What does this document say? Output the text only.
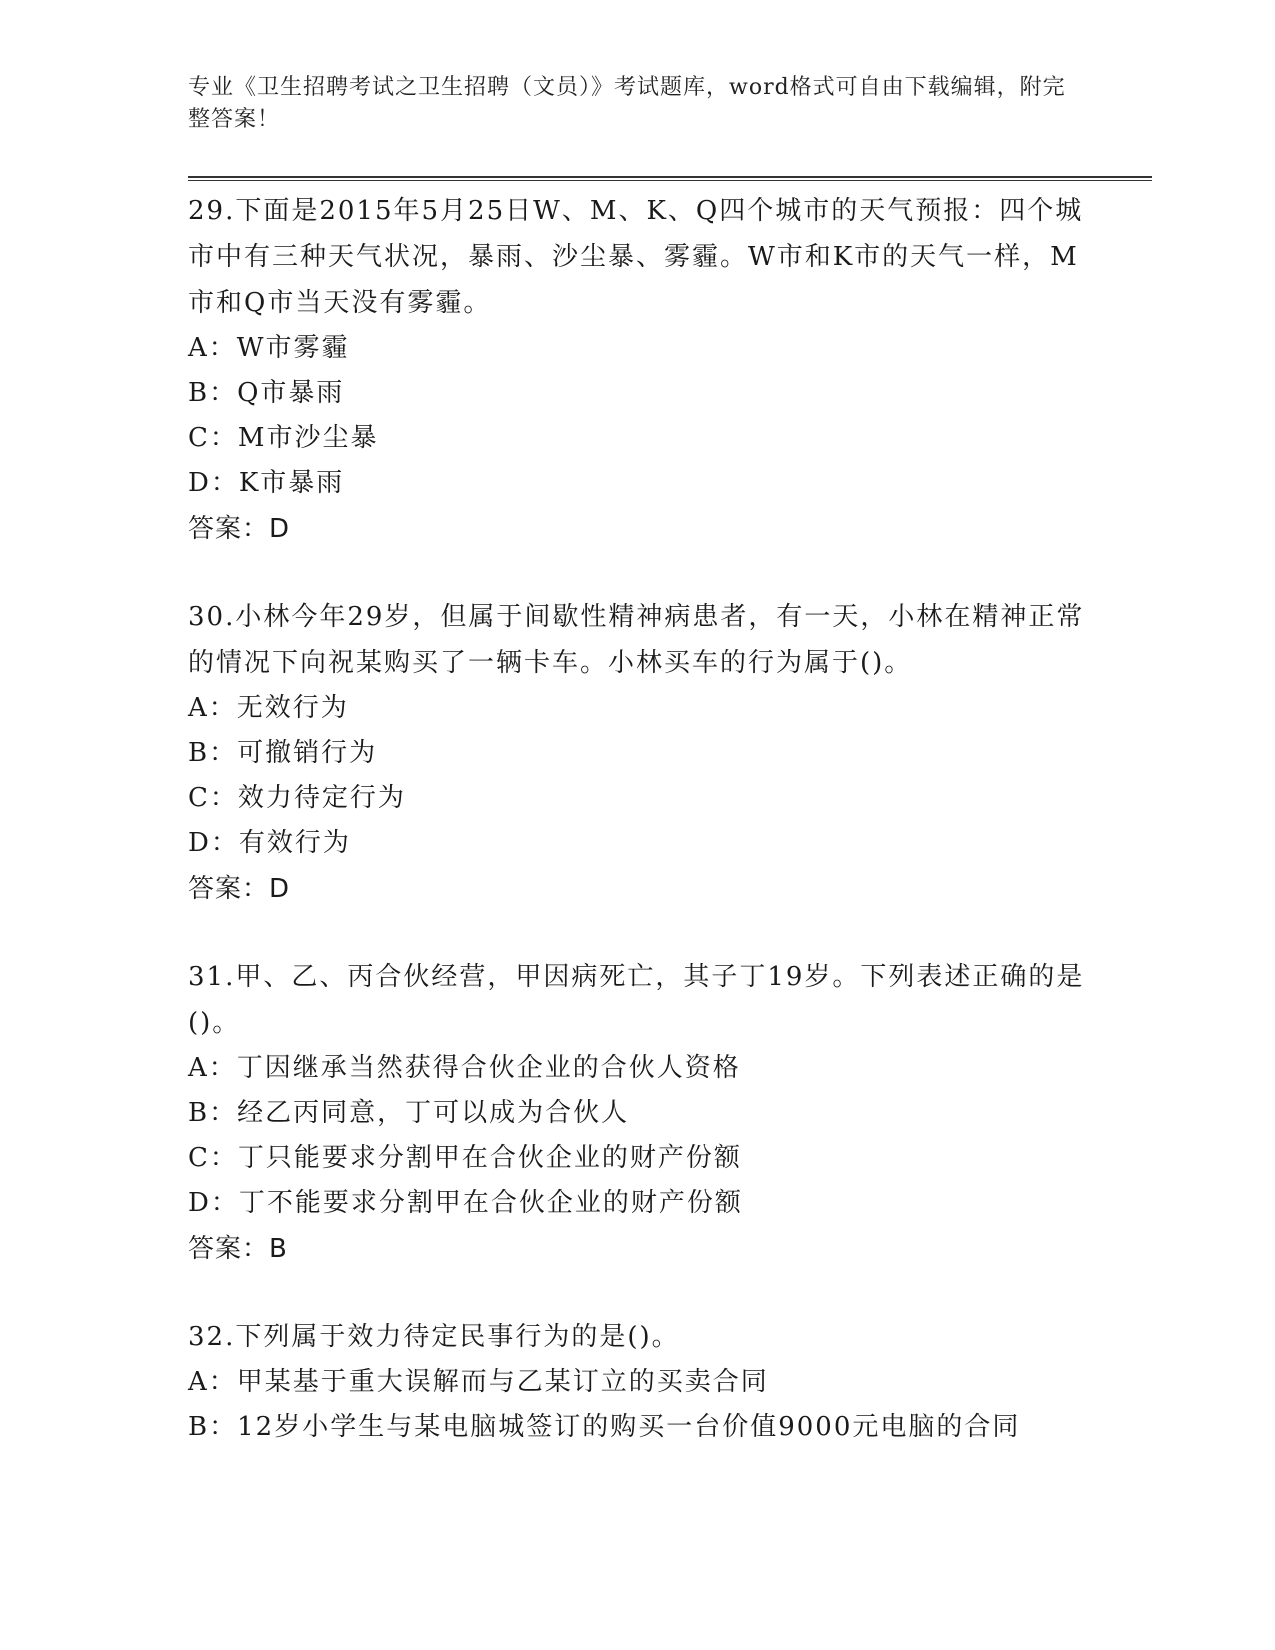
专业《卫生招聘考试之卫生招聘（文员）》考试题库，word格式可自由下载编辑，附完整答案！

29.下面是2015年5月25日W、M、K、Q四个城市的天气预报：四个城市中有三种天气状况，暴雨、沙尘暴、雾霾。W市和K市的天气一样，M市和Q市当天没有雾霾。

A：W市雾霾

B：Q市暴雨

C：M市沙尘暴

D：K市暴雨

答案：D

30.小林今年29岁，但属于间歇性精神病患者，有一天，小林在精神正常的情况下向祝某购买了一辆卡车。小林买车的行为属于()。

A：无效行为

B：可撤销行为

C：效力待定行为

D：有效行为

答案：D

31.甲、乙、丙合伙经营，甲因病死亡，其子丁19岁。下列表述正确的是()。

A：丁因继承当然获得合伙企业的合伙人资格

B：经乙丙同意，丁可以成为合伙人

C：丁只能要求分割甲在合伙企业的财产份额

D：丁不能要求分割甲在合伙企业的财产份额

答案：B

32.下列属于效力待定民事行为的是()。

A：甲某基于重大误解而与乙某订立的买卖合同

B：12岁小学生与某电脑城签订的购买一台价值9000元电脑的合同
